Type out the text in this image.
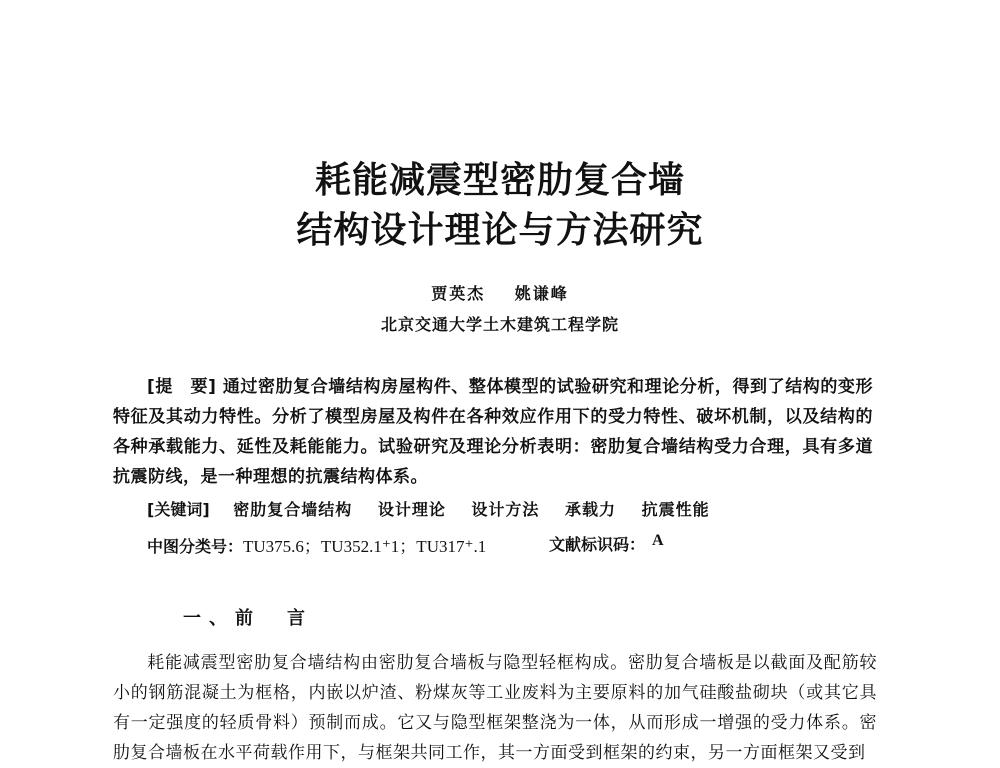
耗能减震型密肋复合墙
结构设计理论与方法研究
贾英杰 姚谦峰
北京交通大学土木建筑工程学院
[提　要] 通过密肋复合墙结构房屋构件、整体模型的试验研究和理论分析，得到了结构的变形特征及其动力特性。分析了模型房屋及构件在各种效应作用下的受力特性、破坏机制，以及结构的各种承载能力、延性及耗能能力。试验研究及理论分析表明：密肋复合墙结构受力合理，具有多道抗震防线，是一种理想的抗震结构体系。
[关键词] 密肋复合墙结构 设计理论 设计方法 承载力 抗震性能
中图分类号：TU375.6；TU352.1⁺1；TU317⁺.1	文献标识码： A
一、前　言
耗能减震型密肋复合墙结构由密肋复合墙板与隐型轻框构成。密肋复合墙板是以截面及配筋较小的钢筋混凝土为框格，内嵌以炉渣、粉煤灰等工业废料为主要原料的加气硅酸盐砌块（或其它具有一定强度的轻质骨料）预制而成。它又与隐型框架整浇为一体，从而形成一增强的受力体系。密肋复合墙板在水平荷载作用下，与框架共同工作，其一方面受到框架的约束，另一方面框架又受到
